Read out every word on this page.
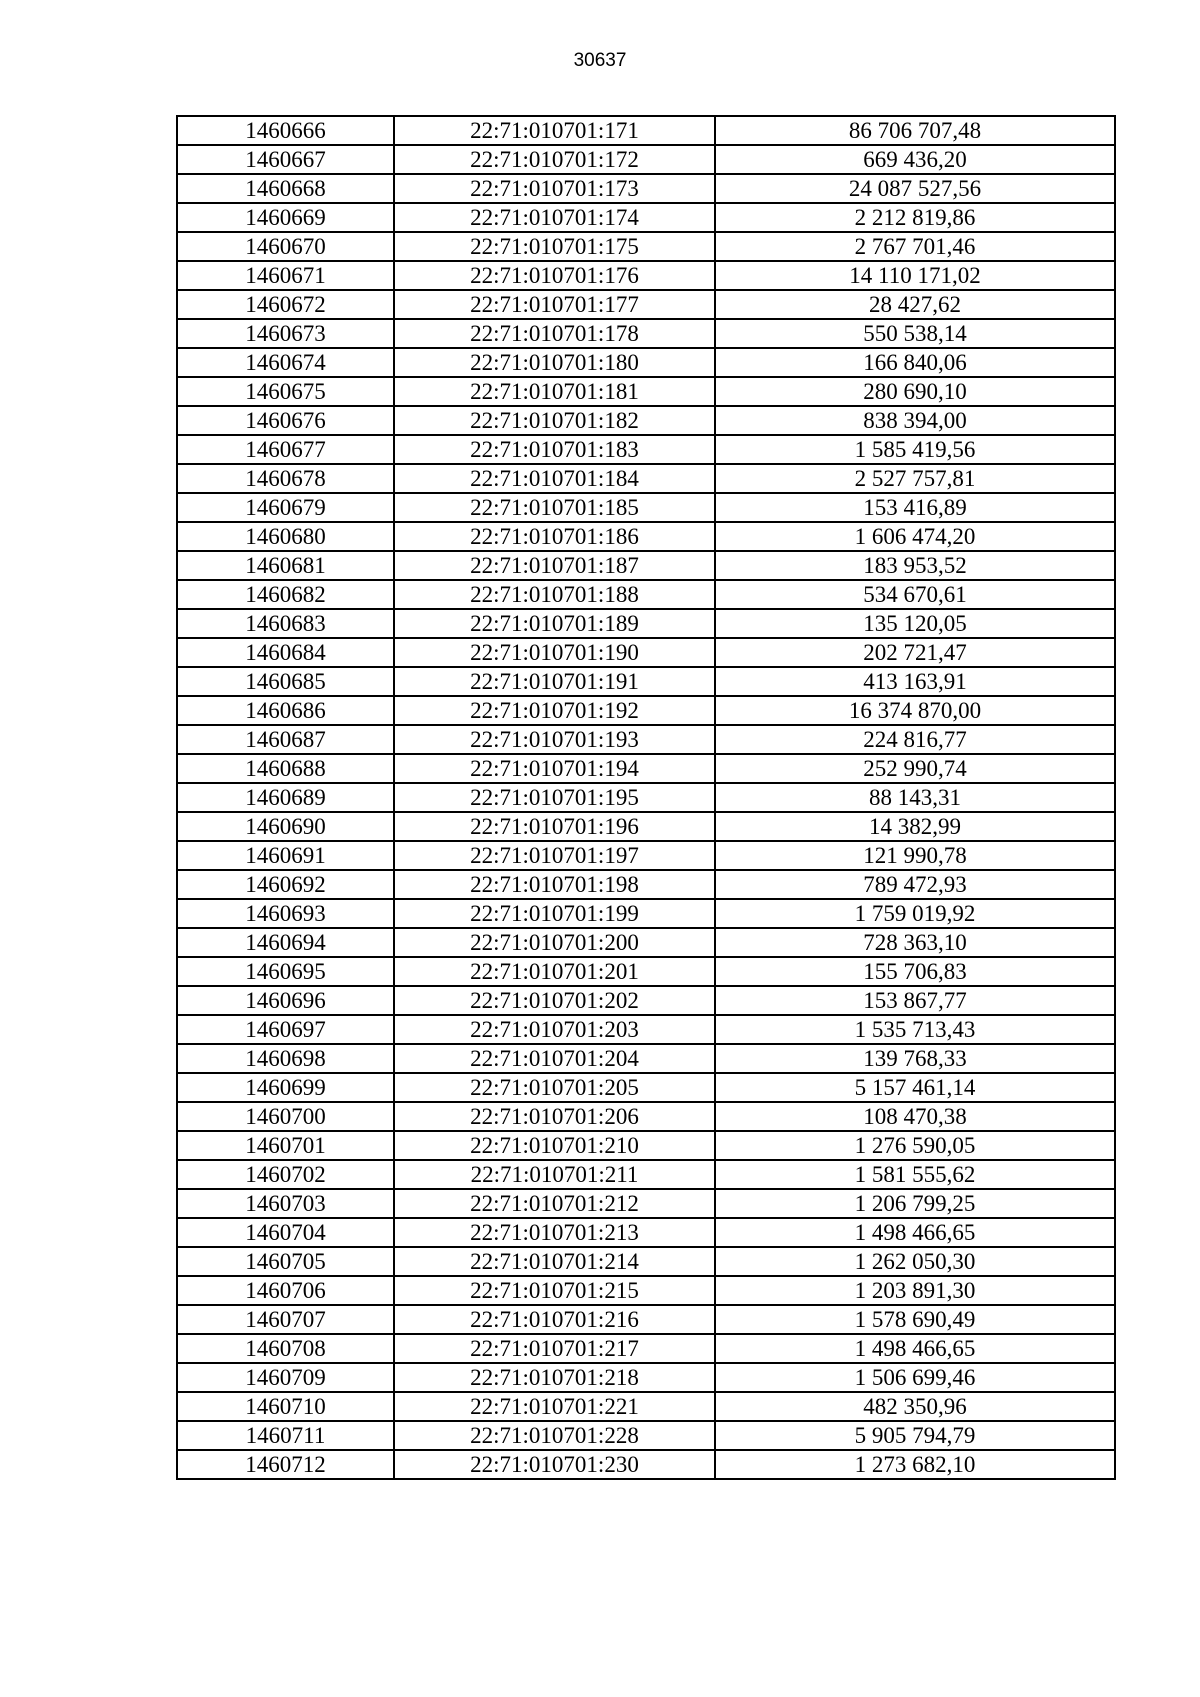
30637
1460666	22:71:010701:171	86 706 707,48
1460667	22:71:010701:172	669 436,20
1460668	22:71:010701:173	24 087 527,56
1460669	22:71:010701:174	2 212 819,86
1460670	22:71:010701:175	2 767 701,46
1460671	22:71:010701:176	14 110 171,02
1460672	22:71:010701:177	28 427,62
1460673	22:71:010701:178	550 538,14
1460674	22:71:010701:180	166 840,06
1460675	22:71:010701:181	280 690,10
1460676	22:71:010701:182	838 394,00
1460677	22:71:010701:183	1 585 419,56
1460678	22:71:010701:184	2 527 757,81
1460679	22:71:010701:185	153 416,89
1460680	22:71:010701:186	1 606 474,20
1460681	22:71:010701:187	183 953,52
1460682	22:71:010701:188	534 670,61
1460683	22:71:010701:189	135 120,05
1460684	22:71:010701:190	202 721,47
1460685	22:71:010701:191	413 163,91
1460686	22:71:010701:192	16 374 870,00
1460687	22:71:010701:193	224 816,77
1460688	22:71:010701:194	252 990,74
1460689	22:71:010701:195	88 143,31
1460690	22:71:010701:196	14 382,99
1460691	22:71:010701:197	121 990,78
1460692	22:71:010701:198	789 472,93
1460693	22:71:010701:199	1 759 019,92
1460694	22:71:010701:200	728 363,10
1460695	22:71:010701:201	155 706,83
1460696	22:71:010701:202	153 867,77
1460697	22:71:010701:203	1 535 713,43
1460698	22:71:010701:204	139 768,33
1460699	22:71:010701:205	5 157 461,14
1460700	22:71:010701:206	108 470,38
1460701	22:71:010701:210	1 276 590,05
1460702	22:71:010701:211	1 581 555,62
1460703	22:71:010701:212	1 206 799,25
1460704	22:71:010701:213	1 498 466,65
1460705	22:71:010701:214	1 262 050,30
1460706	22:71:010701:215	1 203 891,30
1460707	22:71:010701:216	1 578 690,49
1460708	22:71:010701:217	1 498 466,65
1460709	22:71:010701:218	1 506 699,46
1460710	22:71:010701:221	482 350,96
1460711	22:71:010701:228	5 905 794,79
1460712	22:71:010701:230	1 273 682,10
